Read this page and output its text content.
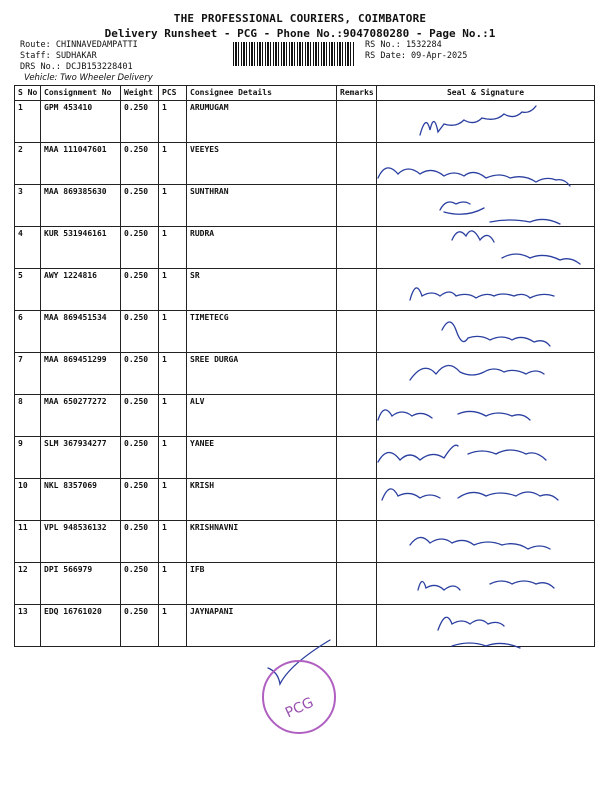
THE PROFESSIONAL COURIERS, COIMBATORE
Delivery Runsheet - PCG - Phone No.:9047080280 - Page No.:1
Route: CHINNAVEDAMPATTI
Staff: SUDHAKAR
DRS No.: DCJB153228401
RS No.: 1532284
RS Date: 09-Apr-2025
Vehicle: Two Wheeler Delivery
S No	Consignment No	Weight	PCS	Consignee Details	Remarks	Seal & Signature
1	GPM 453410	0.250	1	ARUMUGAM		
2	MAA 111047601	0.250	1	VEEYES		
3	MAA 869385630	0.250	1	SUNTHRAN		
4	KUR 531946161	0.250	1	RUDRA		
5	AWY 1224816	0.250	1	SR		
6	MAA 869451534	0.250	1	TIMETECG		
7	MAA 869451299	0.250	1	SREE DURGA		
8	MAA 650277272	0.250	1	ALV		
9	SLM 367934277	0.250	1	YANEE		
10	NKL 8357069	0.250	1	KRISH		
11	VPL 948536132	0.250	1	KRISHNAVNI		
12	DPI 566979	0.250	1	IFB		
13	EDQ 16761020	0.250	1	JAYNAPANI		
PCG
